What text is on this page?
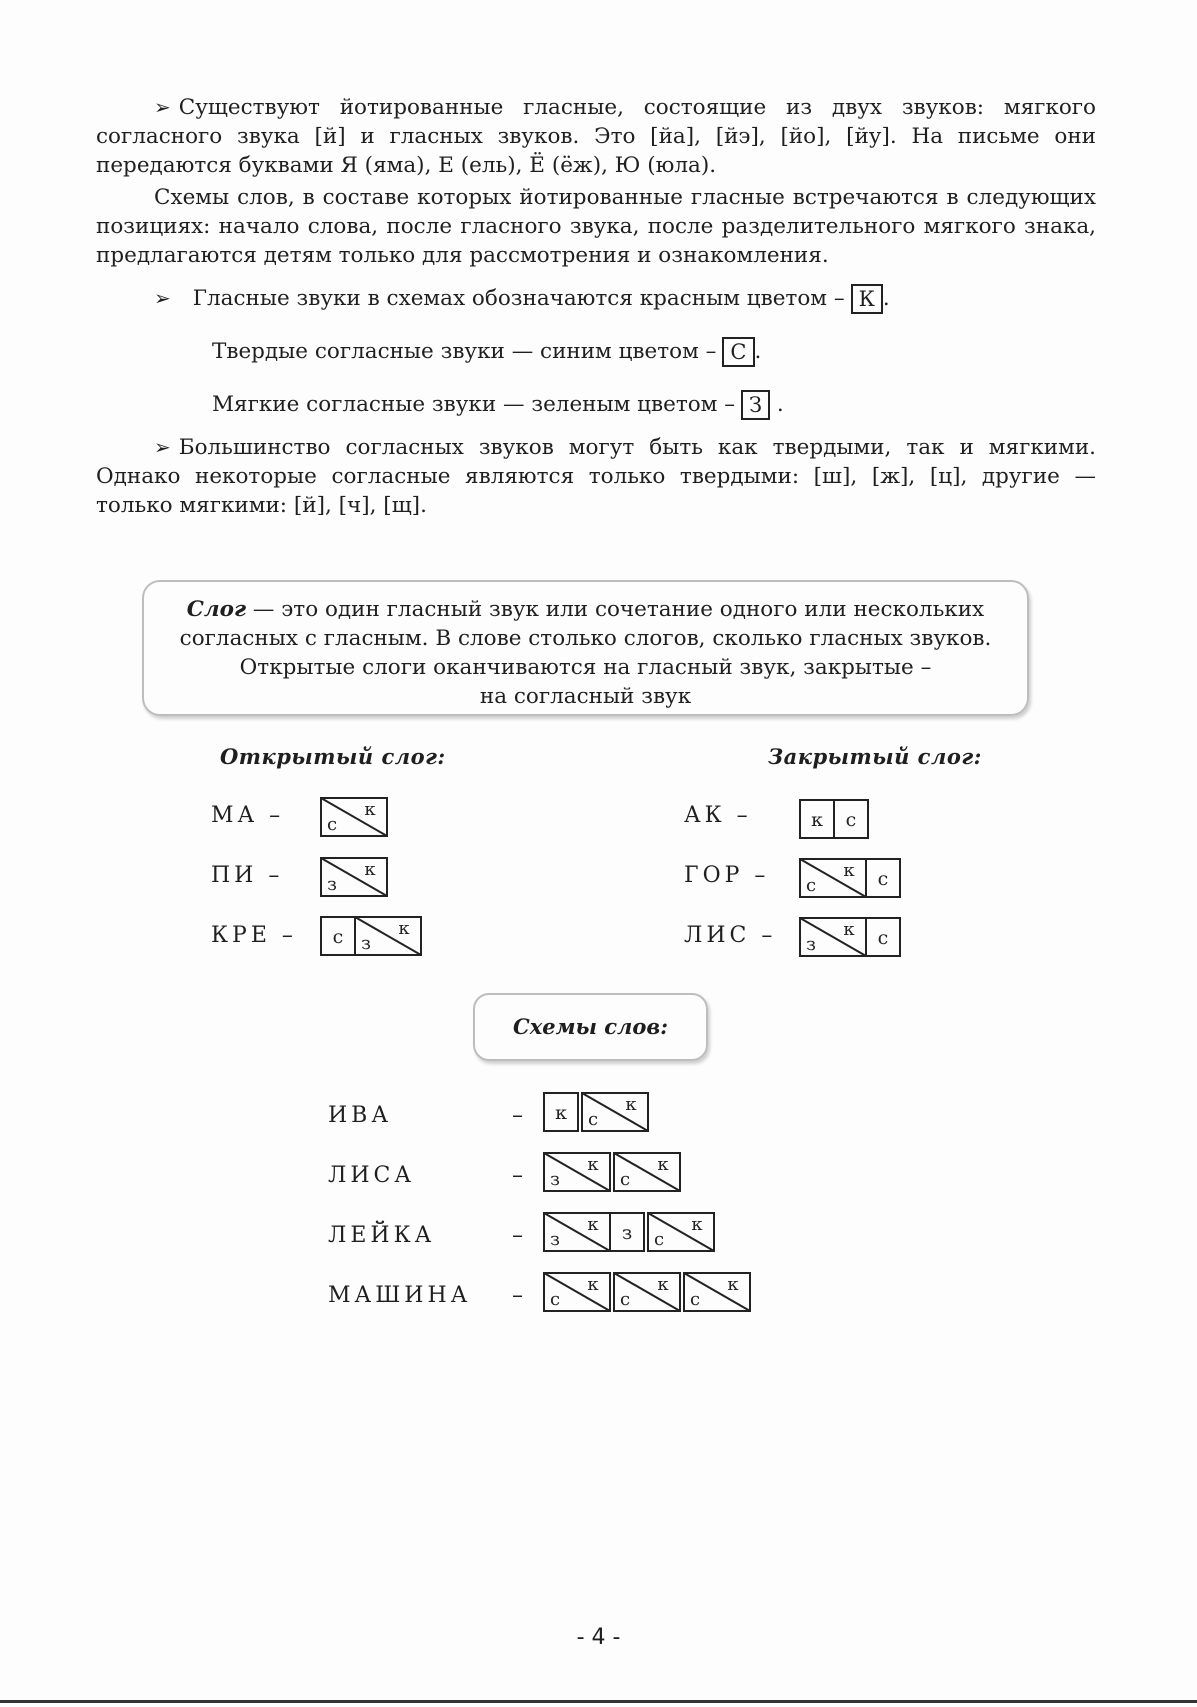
➢ Существуют йотированные гласные, состоящие из двух звуков: мягкого согласного звука [й] и гласных звуков. Это [йа], [йэ], [йо], [йу]. На письме они передаются буквами Я (яма), Е (ель), Ё (ёж), Ю (юла).
Схемы слов, в составе которых йотированные гласные встречаются в следующих позициях: начало слова, после гласного звука, после разделительного мягкого знака, предлагаются детям только для рассмотрения и ознакомления.
➢ Гласные звуки в схемах обозначаются красным цветом – К .
Твердые согласные звуки — синим цветом – С .
Мягкие согласные звуки — зеленым цветом – З .
➢ Большинство согласных звуков могут быть как твердыми, так и мягкими. Однако некоторые согласные являются только твердыми: [ш], [ж], [ц], другие — только мягкими: [й], [ч], [щ].
Слог — это один гласный звук или сочетание одного или нескольких
согласных с гласным. В слове столько слогов, сколько гласных звуков.
Открытые слоги оканчиваются на гласный звук, закрытые –
на согласный звук
Открытый слог:	Закрытый слог:
МА –
ПИ –
КРЕ –
АК –
ГОР –
ЛИС –
с
к
з
к
с з
к
к с
с
к с
з
к с
Схемы слов:
ИВА
ЛИСА
ЛЕЙКА
МАШИНА
–
–
–
–
к с
к
з
к
с
к
з
к з с
к
с
к
с
к
с
к
- 4 -
